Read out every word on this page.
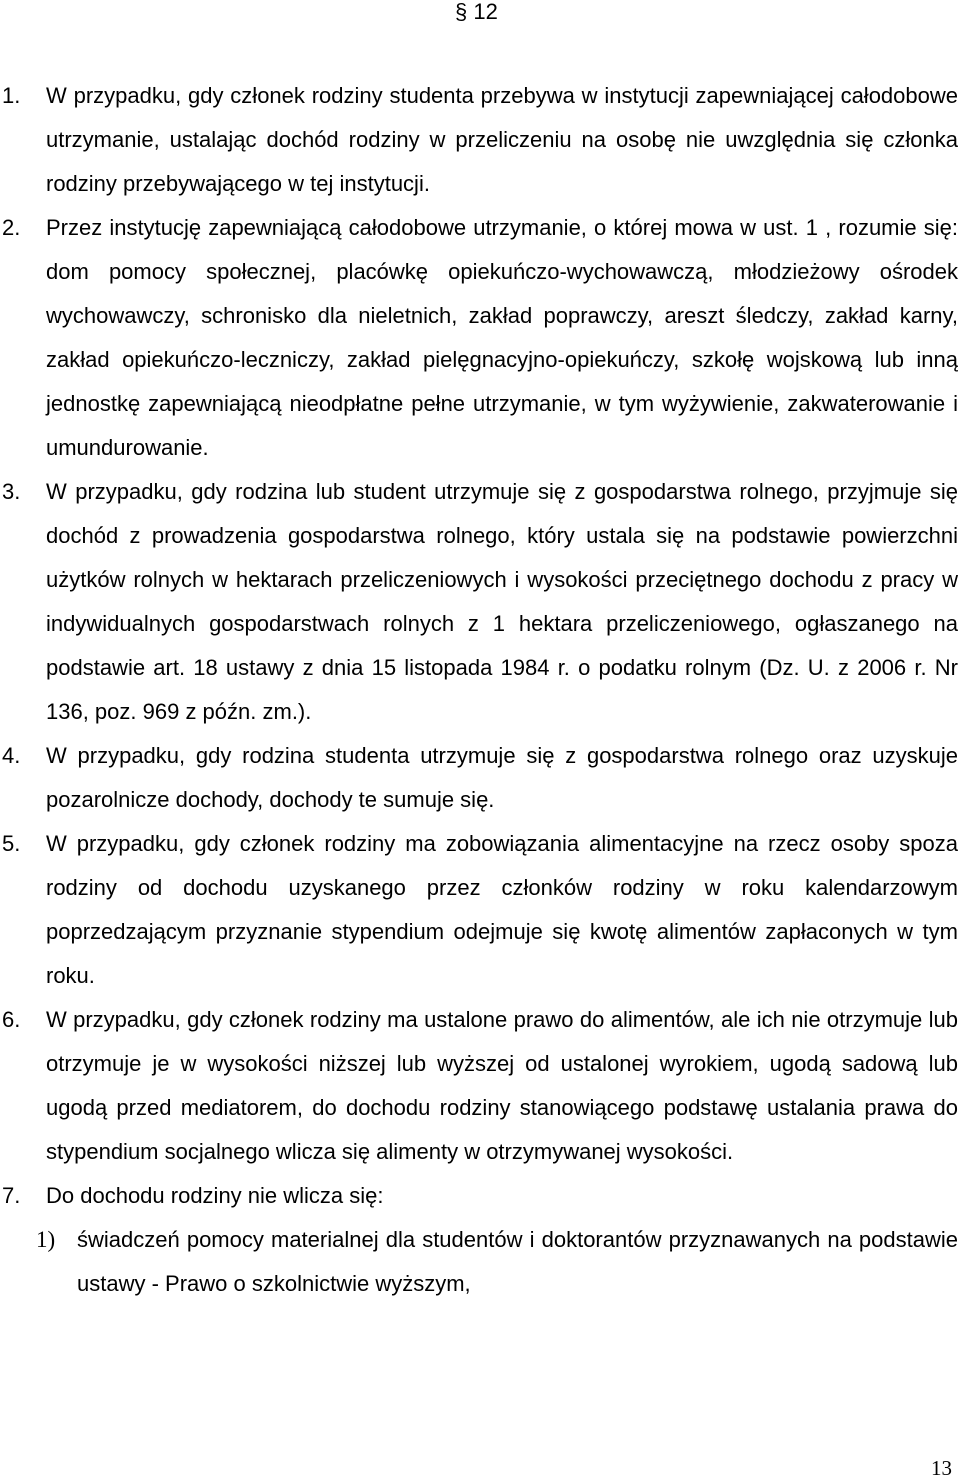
§ 12
1. W przypadku, gdy członek rodziny studenta przebywa w instytucji zapewniającej całodobowe utrzymanie, ustalając dochód rodziny w przeliczeniu na osobę nie uwzględnia się członka rodziny przebywającego w tej instytucji.
2. Przez instytucję zapewniającą całodobowe utrzymanie, o której mowa w ust. 1 , rozumie się: dom pomocy społecznej, placówkę opiekuńczo-wychowawczą, młodzieżowy ośrodek wychowawczy, schronisko dla nieletnich, zakład poprawczy, areszt śledczy, zakład karny, zakład opiekuńczo-leczniczy, zakład pielęgnacyjno-opiekuńczy, szkołę wojskową lub inną jednostkę zapewniającą nieodpłatne pełne utrzymanie, w tym wyżywienie, zakwaterowanie i umundurowanie.
3. W przypadku, gdy rodzina lub student utrzymuje się z gospodarstwa rolnego, przyjmuje się dochód z prowadzenia gospodarstwa rolnego, który ustala się na podstawie powierzchni użytków rolnych w hektarach przeliczeniowych i wysokości przeciętnego dochodu z pracy w indywidualnych gospodarstwach rolnych z 1 hektara przeliczeniowego, ogłaszanego na podstawie art. 18 ustawy z dnia 15 listopada 1984 r. o podatku rolnym (Dz. U. z 2006 r. Nr 136, poz. 969 z późn. zm.).
4. W przypadku, gdy rodzina studenta utrzymuje się z gospodarstwa rolnego oraz uzyskuje pozarolnicze dochody, dochody te sumuje się.
5. W przypadku, gdy członek rodziny ma zobowiązania alimentacyjne na rzecz osoby spoza rodziny od dochodu uzyskanego przez członków rodziny w roku kalendarzowym poprzedzającym przyznanie stypendium odejmuje się kwotę alimentów zapłaconych w tym roku.
6. W przypadku, gdy członek rodziny ma ustalone prawo do alimentów, ale ich nie otrzymuje lub otrzymuje je w wysokości niższej lub wyższej od ustalonej wyrokiem, ugodą sadową lub ugodą przed mediatorem, do dochodu rodziny stanowiącego podstawę ustalania prawa do stypendium socjalnego wlicza się alimenty w otrzymywanej wysokości.
7. Do dochodu rodziny nie wlicza się:
1) świadczeń pomocy materialnej dla studentów i doktorantów przyznawanych na podstawie ustawy - Prawo o szkolnictwie wyższym,
13
